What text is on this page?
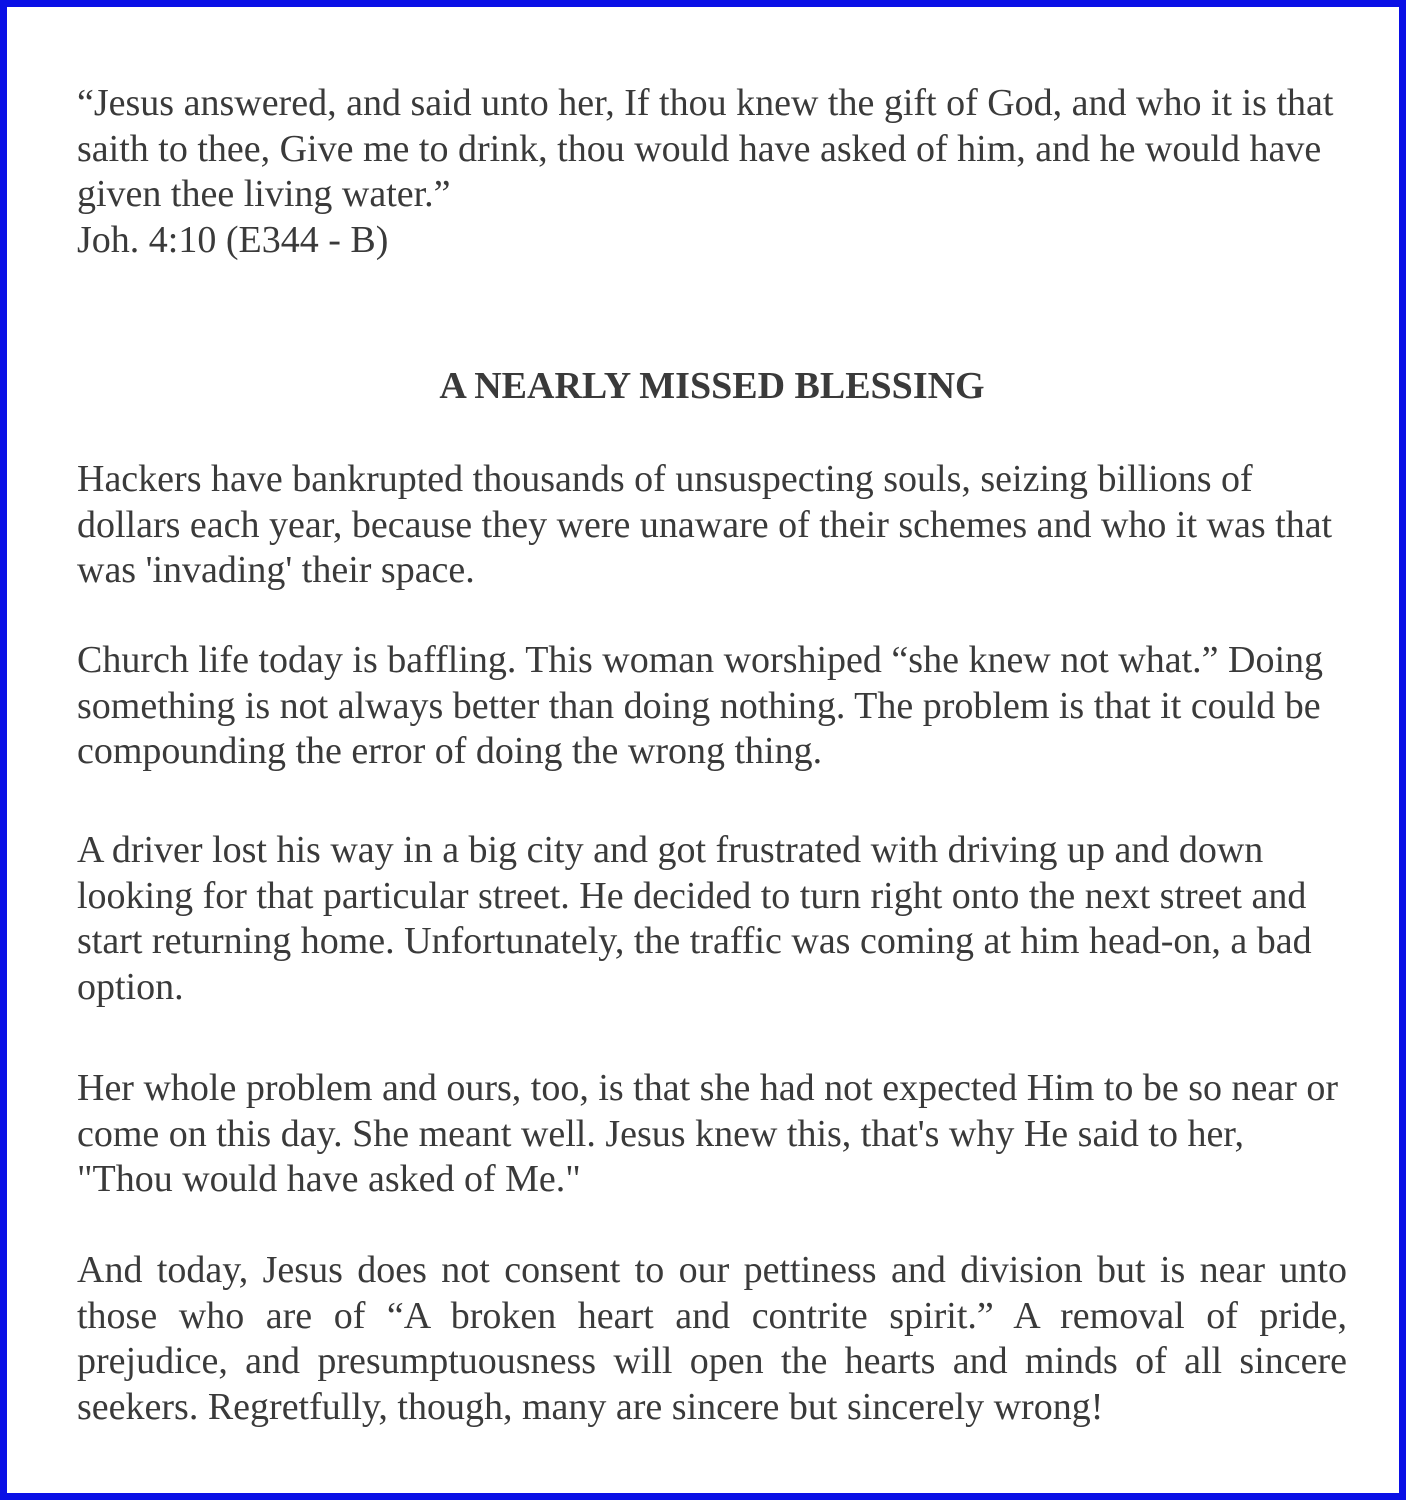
“Jesus answered, and said unto her, If thou knew the gift of God, and who it is that saith to thee, Give me to drink, thou would have asked of him, and he would have given thee living water.”

Joh. 4:10 (E344 - B)

A NEARLY MISSED BLESSING

Hackers have bankrupted thousands of unsuspecting souls, seizing billions of dollars each year, because they were unaware of their schemes and who it was that was 'invading' their space.

Church life today is baffling. This woman worshiped “she knew not what.” Doing something is not always better than doing nothing. The problem is that it could be compounding the error of doing the wrong thing.

A driver lost his way in a big city and got frustrated with driving up and down looking for that particular street. He decided to turn right onto the next street and start returning home. Unfortunately, the traffic was coming at him head-on, a bad option.

Her whole problem and ours, too, is that she had not expected Him to be so near or come on this day. She meant well. Jesus knew this, that's why He said to her, "Thou would have asked of Me."

And today, Jesus does not consent to our pettiness and division but is near unto those who are of “A broken heart and contrite spirit.” A removal of pride, prejudice, and presumptuousness will open the hearts and minds of all sincere seekers. Regretfully, though, many are sincere but sincerely wrong!
